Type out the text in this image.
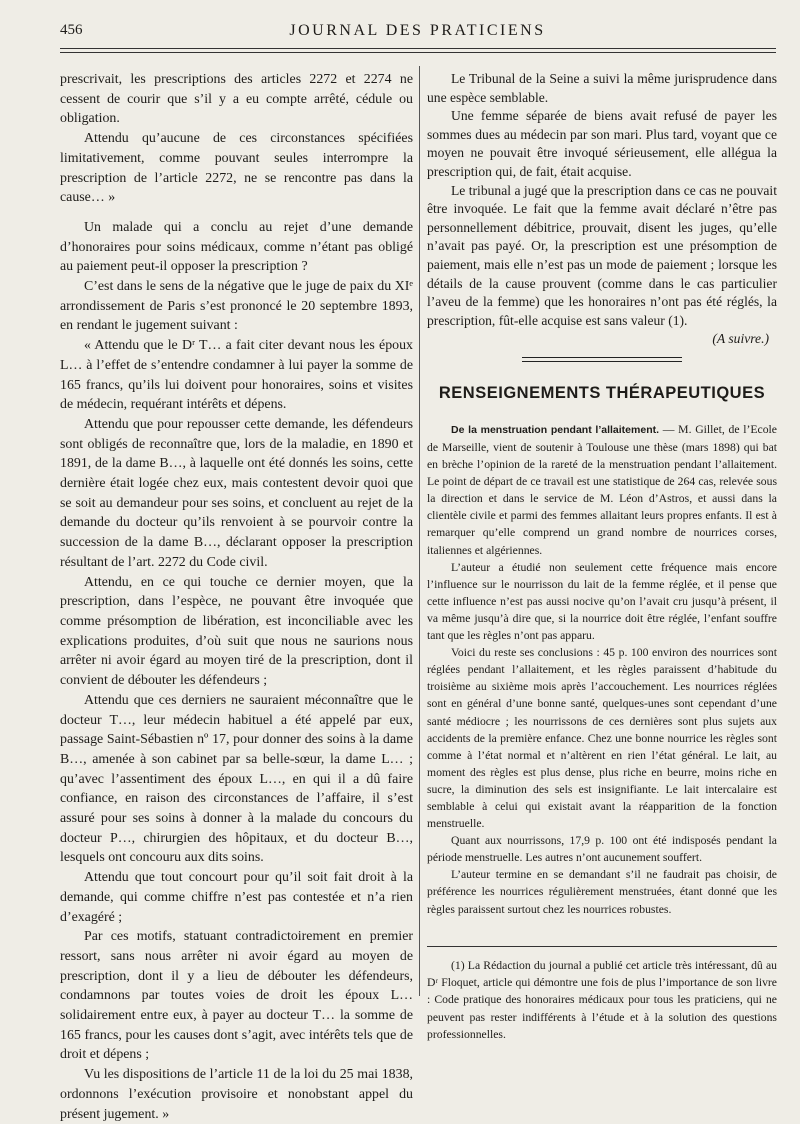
456	JOURNAL DES PRATICIENS

prescrivait, les prescriptions des articles 2272 et 2274 ne cessent de courir que s’il y a eu compte arrêté, cédule ou obligation.

Attendu qu’aucune de ces circonstances spécifiées limitativement, comme pouvant seules interrompre la prescription de l’article 2272, ne se rencontre pas dans la cause… »

Un malade qui a conclu au rejet d’une demande d’honoraires pour soins médicaux, comme n’étant pas obligé au paiement peut-il opposer la prescription ?

C’est dans le sens de la négative que le juge de paix du XIᵉ arrondissement de Paris s’est prononcé le 20 septembre 1893, en rendant le jugement suivant :

« Attendu que le Dʳ T… a fait citer devant nous les époux L… à l’effet de s’entendre condamner à lui payer la somme de 165 francs, qu’ils lui doivent pour honoraires, soins et visites de médecin, requérant intérêts et dépens.

Attendu que pour repousser cette demande, les défendeurs sont obligés de reconnaître que, lors de la maladie, en 1890 et 1891, de la dame B…, à laquelle ont été donnés les soins, cette dernière était logée chez eux, mais contestent devoir quoi que se soit au demandeur pour ses soins, et concluent au rejet de la demande du docteur qu’ils renvoient à se pourvoir contre la succession de la dame B…, déclarant opposer la prescription résultant de l’art. 2272 du Code civil.

Attendu, en ce qui touche ce dernier moyen, que la prescription, dans l’espèce, ne pouvant être invoquée que comme présomption de libération, est inconciliable avec les explications produites, d’où suit que nous ne saurions nous arrêter ni avoir égard au moyen tiré de la prescription, dont il convient de débouter les défendeurs ;

Attendu que ces derniers ne sauraient méconnaître que le docteur T…, leur médecin habituel a été appelé par eux, passage Saint-Sébastien nº 17, pour donner des soins à la dame B…, amenée à son cabinet par sa belle-sœur, la dame L… ; qu’avec l’assentiment des époux L…, en qui il a dû faire confiance, en raison des circonstances de l’affaire, il s’est assuré pour ses soins à donner à la malade du concours du docteur P…, chirurgien des hôpitaux, et du docteur B…, lesquels ont concouru aux dits soins.

Attendu que tout concourt pour qu’il soit fait droit à la demande, qui comme chiffre n’est pas contestée et n’a rien d’exagéré ;

Par ces motifs, statuant contradictoirement en premier ressort, sans nous arrêter ni avoir égard au moyen de prescription, dont il y a lieu de débouter les défendeurs, condamnons par toutes voies de droit les époux L… solidairement entre eux, à payer au docteur T… la somme de 165 francs, pour les causes dont s’agit, avec intérêts tels que de droit et dépens ;

Vu les dispositions de l’article 11 de la loi du 25 mai 1838, ordonnons l’exécution provisoire et nonobstant appel du présent jugement. »

Le Tribunal de la Seine a suivi la même jurisprudence dans une espèce semblable.

Une femme séparée de biens avait refusé de payer les sommes dues au médecin par son mari. Plus tard, voyant que ce moyen ne pouvait être invoqué sérieusement, elle allégua la prescription qui, de fait, était acquise.

Le tribunal a jugé que la prescription dans ce cas ne pouvait être invoquée. Le fait que la femme avait déclaré n’être pas personnellement débitrice, prouvait, disent les juges, qu’elle n’avait pas payé. Or, la prescription est une présomption de paiement, mais elle n’est pas un mode de paiement ; lorsque les détails de la cause prouvent (comme dans le cas particulier l’aveu de la femme) que les honoraires n’ont pas été réglés, la prescription, fût-elle acquise est sans valeur (1).

(A suivre.)
RENSEIGNEMENTS THÉRAPEUTIQUES

De la menstruation pendant l’allaitement. — M. Gillet, de l’Ecole de Marseille, vient de soutenir à Toulouse une thèse (mars 1898) qui bat en brèche l’opinion de la rareté de la menstruation pendant l’allaitement. Le point de départ de ce travail est une statistique de 264 cas, relevée sous la direction et dans le service de M. Léon d’Astros, et aussi dans la clientèle civile et parmi des femmes allaitant leurs propres enfants. Il est à remarquer qu’elle comprend un grand nombre de nourrices corses, italiennes et algériennes.

L’auteur a étudié non seulement cette fréquence mais encore l’influence sur le nourrisson du lait de la femme réglée, et il pense que cette influence n’est pas aussi nocive qu’on l’avait cru jusqu’à présent, il va même jusqu’à dire que, si la nourrice doit être réglée, l’enfant souffre tant que les règles n’ont pas apparu.

Voici du reste ses conclusions : 45 p. 100 environ des nourrices sont réglées pendant l’allaitement, et les règles paraissent d’habitude du troisième au sixième mois après l’accouchement. Les nourrices réglées sont en général d’une bonne santé, quelques-unes sont cependant d’une santé médiocre ; les nourrissons de ces dernières sont plus sujets aux accidents de la première enfance. Chez une bonne nourrice les règles sont comme à l’état normal et n’altèrent en rien l’état général. Le lait, au moment des règles est plus dense, plus riche en beurre, moins riche en sucre, la diminution des sels est insignifiante. Le lait intercalaire est semblable à celui qui existait avant la réapparition de la fonction menstruelle.

Quant aux nourrissons, 17,9 p. 100 ont été indisposés pendant la période menstruelle. Les autres n’ont aucunement souffert.

L’auteur termine en se demandant s’il ne faudrait pas choisir, de préférence les nourrices régulièrement menstruées, étant donné que les règles paraissent surtout chez les nourrices robustes.

(1) La Rédaction du journal a publié cet article très intéressant, dû au Dʳ Floquet, article qui démontre une fois de plus l’importance de son livre : Code pratique des honoraires médicaux pour tous les praticiens, qui ne peuvent pas rester indifférents à l’étude et à la solution des questions professionnelles.
